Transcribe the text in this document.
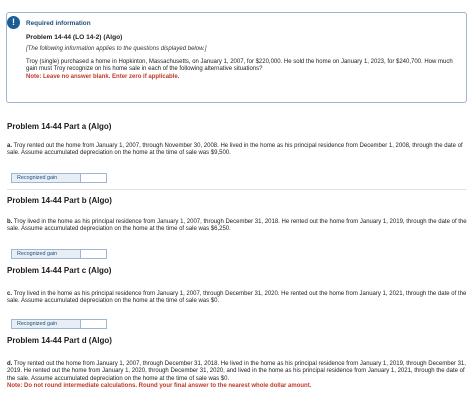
!	Required information
Problem 14-44 (LO 14-2) (Algo)
[The following information applies to the questions displayed below.]
Troy (single) purchased a home in Hopkinton, Massachusetts, on January 1, 2007, for $220,000. He sold the home on January 1, 2023, for $240,700. How much gain must Troy recognize on his home sale in each of the following alternative situations?
Note: Leave no answer blank. Enter zero if applicable.
Problem 14-44 Part a (Algo)
a. Troy rented out the home from January 1, 2007, through November 30, 2008. He lived in the home as his principal residence from December 1, 2008, through the date of sale. Assume accumulated depreciation on the home at the time of sale was $9,500.
Recognized gain
Problem 14-44 Part b (Algo)
b. Troy lived in the home as his principal residence from January 1, 2007, through December 31, 2018. He rented out the home from January 1, 2019, through the date of the sale. Assume accumulated depreciation on the home at the time of sale was $6,250.
Recognized gain
Problem 14-44 Part c (Algo)
c. Troy lived in the home as his principal residence from January 1, 2007, through December 31, 2020. He rented out the home from January 1, 2021, through the date of the sale. Assume accumulated depreciation on the home at the time of sale was $0.
Recognized gain
Problem 14-44 Part d (Algo)
d. Troy rented out the home from January 1, 2007, through December 31, 2018. He lived in the home as his principal residence from January 1, 2019, through December 31, 2019. He rented out the home from January 1, 2020, through December 31, 2020, and lived in the home as his principal residence from January 1, 2021, through the date of the sale. Assume accumulated depreciation on the home at the time of sale was $0.
Note: Do not round intermediate calculations. Round your final answer to the nearest whole dollar amount.
